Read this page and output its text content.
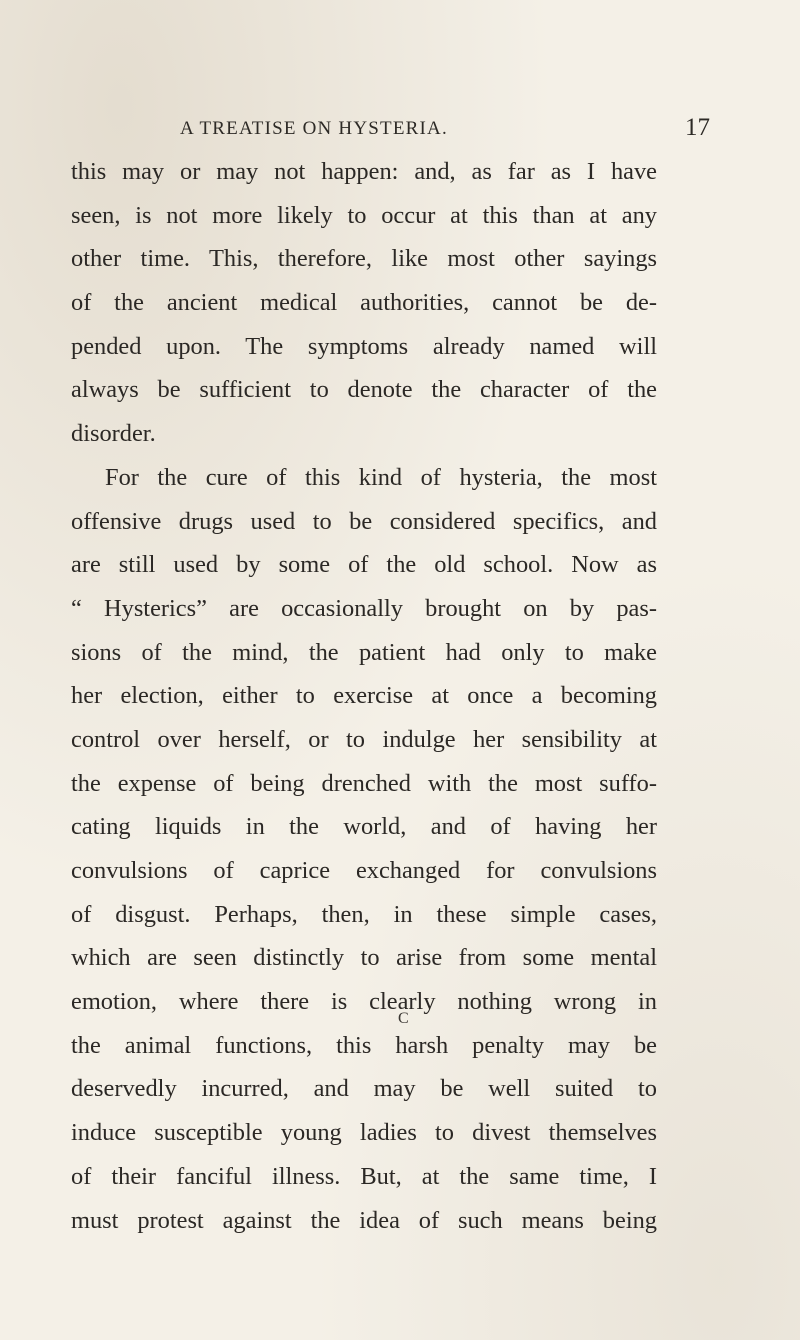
A TREATISE ON HYSTERIA.	17
this may or may not happen: and, as far as I have
seen, is not more likely to occur at this than at any
other time. This, therefore, like most other sayings
of the ancient medical authorities, cannot be de-
pended upon. The symptoms already named will
always be sufficient to denote the character of the
disorder.
For the cure of this kind of hysteria, the most
offensive drugs used to be considered specifics, and
are still used by some of the old school. Now as
“ Hysterics” are occasionally brought on by pas-
sions of the mind, the patient had only to make
her election, either to exercise at once a becoming
control over herself, or to indulge her sensibility at
the expense of being drenched with the most suffo-
cating liquids in the world, and of having her
convulsions of caprice exchanged for convulsions
of disgust. Perhaps, then, in these simple cases,
which are seen distinctly to arise from some mental
emotion, where there is clearly nothing wrong in
the animal functions, this harsh penalty may be
deservedly incurred, and may be well suited to
induce susceptible young ladies to divest themselves
of their fanciful illness. But, at the same time, I
must protest against the idea of such means being
C
